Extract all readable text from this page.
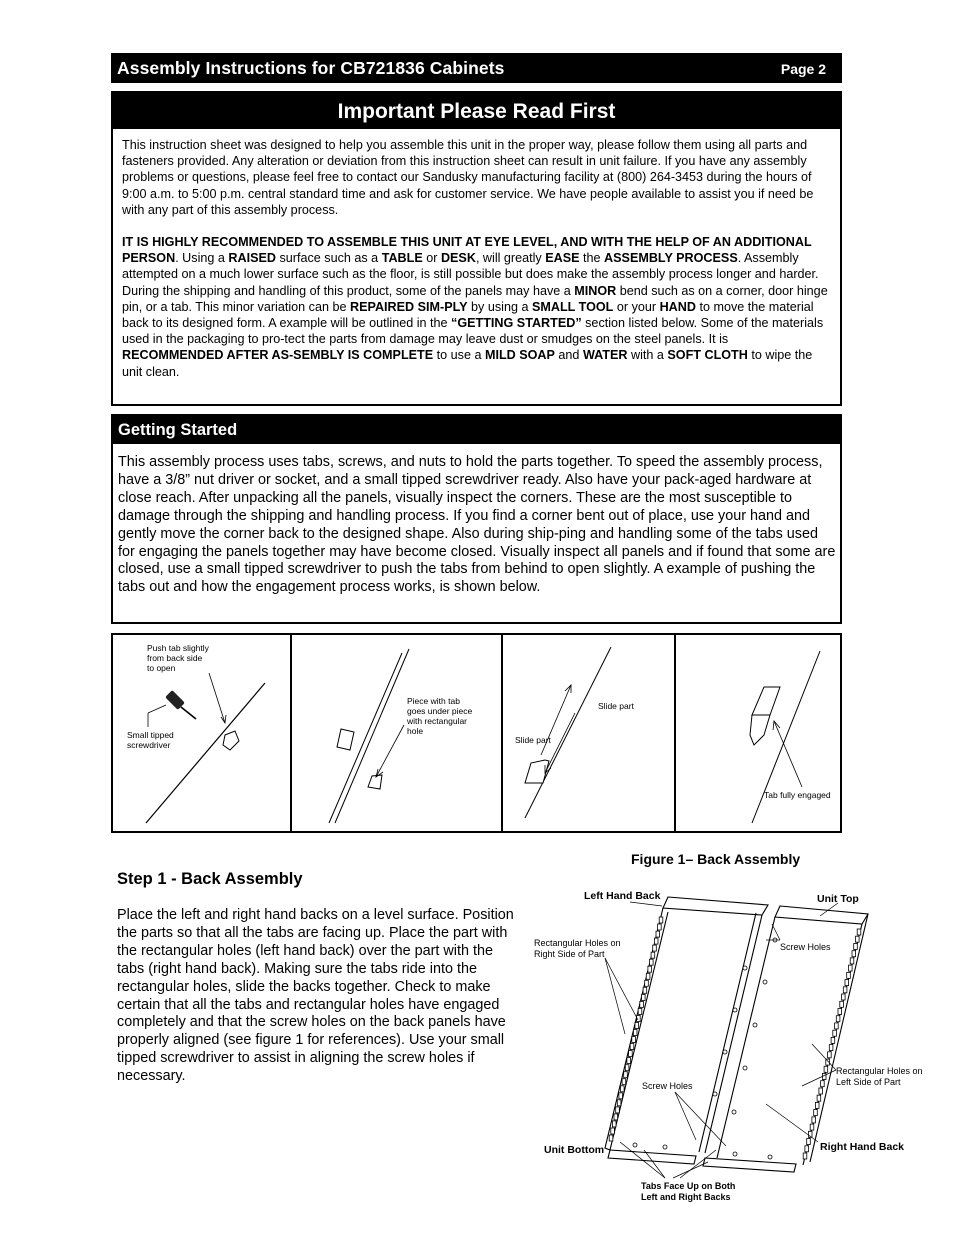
Assembly Instructions for CB721836 Cabinets	Page 2
Important Please Read First

This instruction sheet was designed to help you assemble this unit in the proper way, please follow them using all parts and fasteners provided. Any alteration or deviation from this instruction sheet can result in unit failure. If you have any assembly problems or questions, please feel free to contact our Sandusky manufacturing facility at (800) 264-3453 during the hours of 9:00 a.m. to 5:00 p.m. central standard time and ask for customer service. We have people available to assist you if need be with any part of this assembly process.

IT IS HIGHLY RECOMMENDED TO ASSEMBLE THIS UNIT AT EYE LEVEL, AND WITH THE HELP OF AN ADDITIONAL PERSON. Using a RAISED surface such as a TABLE or DESK, will greatly EASE the ASSEMBLY PROCESS. Assembly attempted on a much lower surface such as the floor, is still possible but does make the assembly process longer and harder. During the shipping and handling of this product, some of the panels may have a MINOR bend such as on a corner, door hinge pin, or a tab. This minor variation can be REPAIRED SIM-PLY by using a SMALL TOOL or your HAND to move the material back to its designed form. A example will be outlined in the “GETTING STARTED” section listed below. Some of the materials used in the packaging to pro-tect the parts from damage may leave dust or smudges on the steel panels. It is RECOMMENDED AFTER AS-SEMBLY IS COMPLETE to use a MILD SOAP and WATER with a SOFT CLOTH to wipe the unit clean.

Getting Started
This assembly process uses tabs, screws, and nuts to hold the parts together. To speed the assembly process, have a 3/8” nut driver or socket, and a small tipped screwdriver ready. Also have your pack-aged hardware at close reach. After unpacking all the panels, visually inspect the corners. These are the most susceptible to damage through the shipping and handling process. If you find a corner bent out of place, use your hand and gently move the corner back to the designed shape. Also during ship-ping and handling some of the tabs used for engaging the panels together may have become closed. Visually inspect all panels and if found that some are closed, use a small tipped screwdriver to push the tabs from behind to open slightly. A example of pushing the tabs out and how the engagement process works, is shown below.
Push tab slightly
from back side
to open
Small tipped
screwdriver
Piece with tab
goes under piece
with rectangular
hole
Slide part
Slide part
Tab fully engaged
Step 1 - Back Assembly
Place the left and right hand backs on a level surface. Position the parts so that all the tabs are facing up. Place the part with the rectangular holes (left hand back) over the part with the tabs (right hand back). Making sure the tabs ride into the rectangular holes, slide the backs together. Check to make certain that all the tabs and rectangular holes have engaged completely and that the screw holes on the back panels have properly aligned (see figure 1 for references). Use your small tipped screwdriver to assist in aligning the screw holes if necessary.
Figure 1– Back Assembly
Left Hand Back	Unit Top
Rectangular Holes on
Right Side of Part
Screw Holes
Rectangular Holes on
Left Side of Part
Screw Holes
Unit Bottom	Right Hand Back
Tabs Face Up on Both
Left and Right Backs
